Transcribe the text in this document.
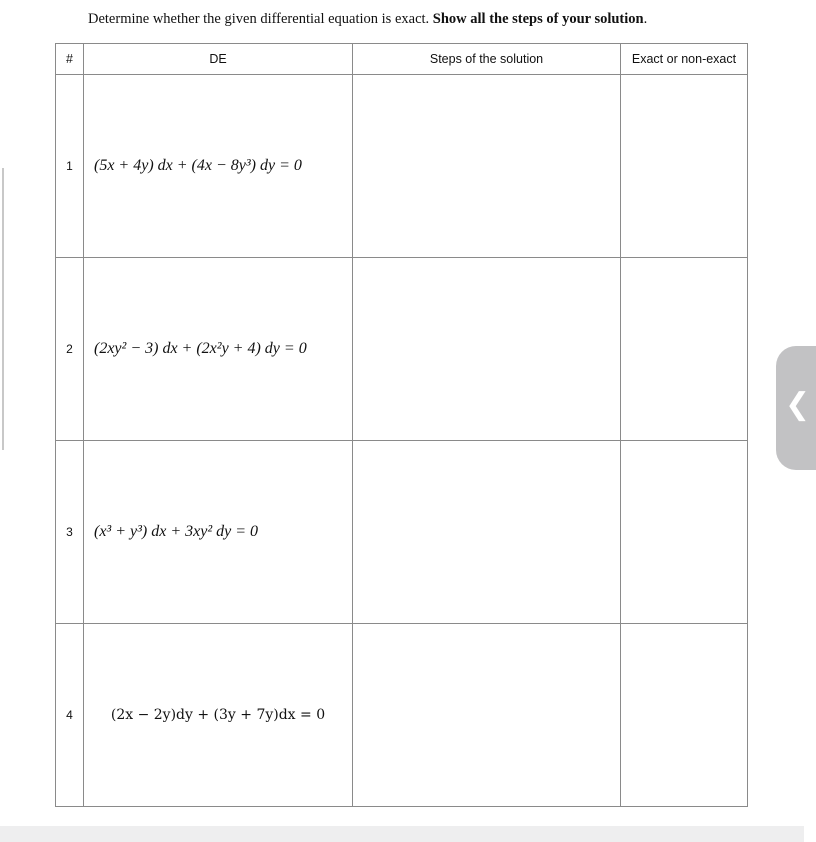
Determine whether the given differential equation is exact. Show all the steps of your solution.
#	DE	Steps of the solution	Exact or non-exact
1	(5x + 4y) dx + (4x − 8y³) dy = 0		
2	(2xy² − 3) dx + (2x²y + 4) dy = 0		
3	(x³ + y³) dx + 3xy² dy = 0		
4	(2x − 2y)dy + (3y + 7y)dx = 0		
❮
